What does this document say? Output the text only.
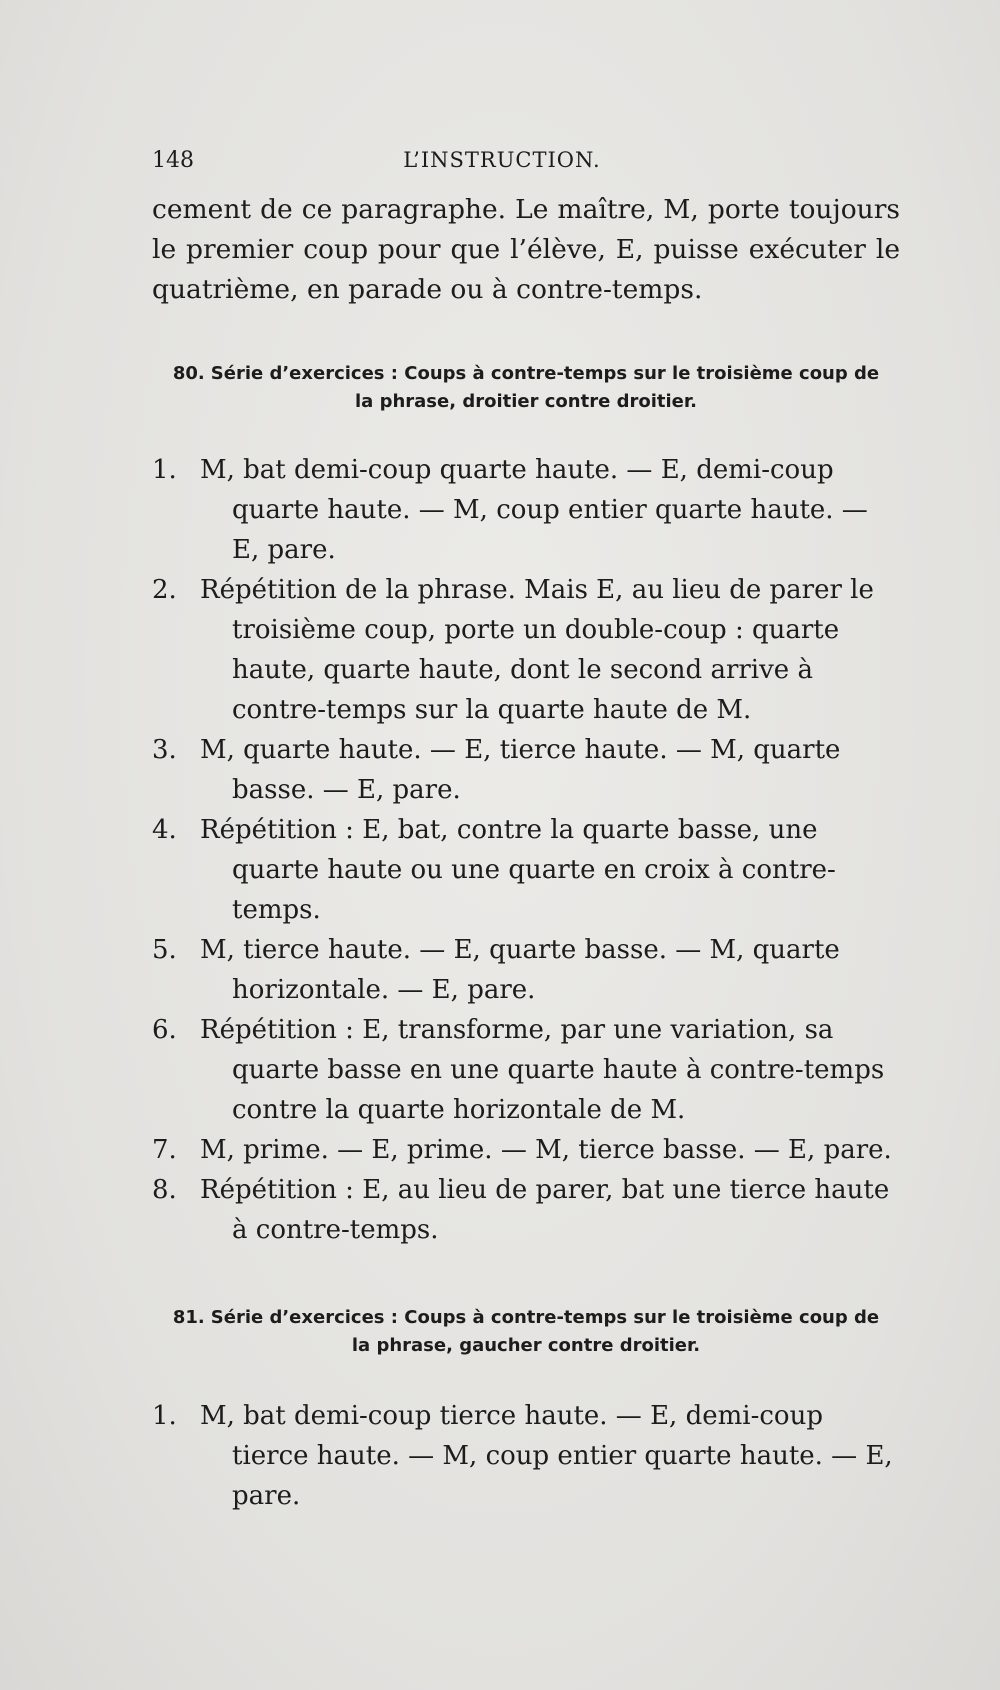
148	L’INSTRUCTION.

cement de ce paragraphe. Le maître, M, porte toujours le premier coup pour que l’élève, E, puisse exécuter le quatrième, en parade ou à contre-temps.

80. Série d’exercices : Coups à contre-temps sur le troisième coup de la phrase, droitier contre droitier.

1. M, bat demi-coup quarte haute. — E, demi-coup quarte haute. — M, coup entier quarte haute. — E, pare.
2. Répétition de la phrase. Mais E, au lieu de parer le troisième coup, porte un double-coup : quarte haute, quarte haute, dont le second arrive à contre-temps sur la quarte haute de M.
3. M, quarte haute. — E, tierce haute. — M, quarte basse. — E, pare.
4. Répétition : E, bat, contre la quarte basse, une quarte haute ou une quarte en croix à contre-temps.
5. M, tierce haute. — E, quarte basse. — M, quarte horizontale. — E, pare.
6. Répétition : E, transforme, par une variation, sa quarte basse en une quarte haute à contre-temps contre la quarte horizontale de M.
7. M, prime. — E, prime. — M, tierce basse. — E, pare.
8. Répétition : E, au lieu de parer, bat une tierce haute à contre-temps.

81. Série d’exercices : Coups à contre-temps sur le troisième coup de la phrase, gaucher contre droitier.

1. M, bat demi-coup tierce haute. — E, demi-coup tierce haute. — M, coup entier quarte haute. — E, pare.
